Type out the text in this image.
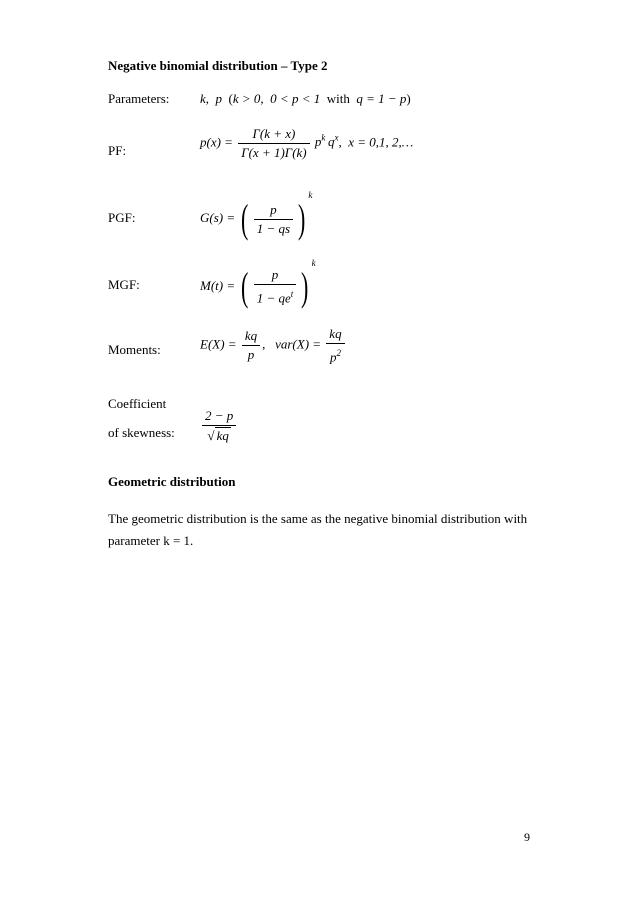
Negative binomial distribution – Type 2
Parameters: k,  p  (k > 0,  0 < p < 1 with q = 1 − p)
PF:
$p(x) = \frac{\Gamma(k + x)}{\Gamma(x + 1)\Gamma(k)} p^k$ $q^x$,  x = 0,1, 2,…
PGF:	G(s) = ( $\frac{p}{1 - qs} )^k$
MGF:	M(t) = ( $\frac{p}{1 - qe^t} )^k$
Moments:	$E(X) = \frac{kq}{p}$ ,   $var(X) = \frac{kq}{p^2}$
Coefficient
of skewness: $\frac{2 - p}{√ kq}$
Geometric distribution
The geometric distribution is the same as the negative binomial distribution with parameter k = 1.
9
